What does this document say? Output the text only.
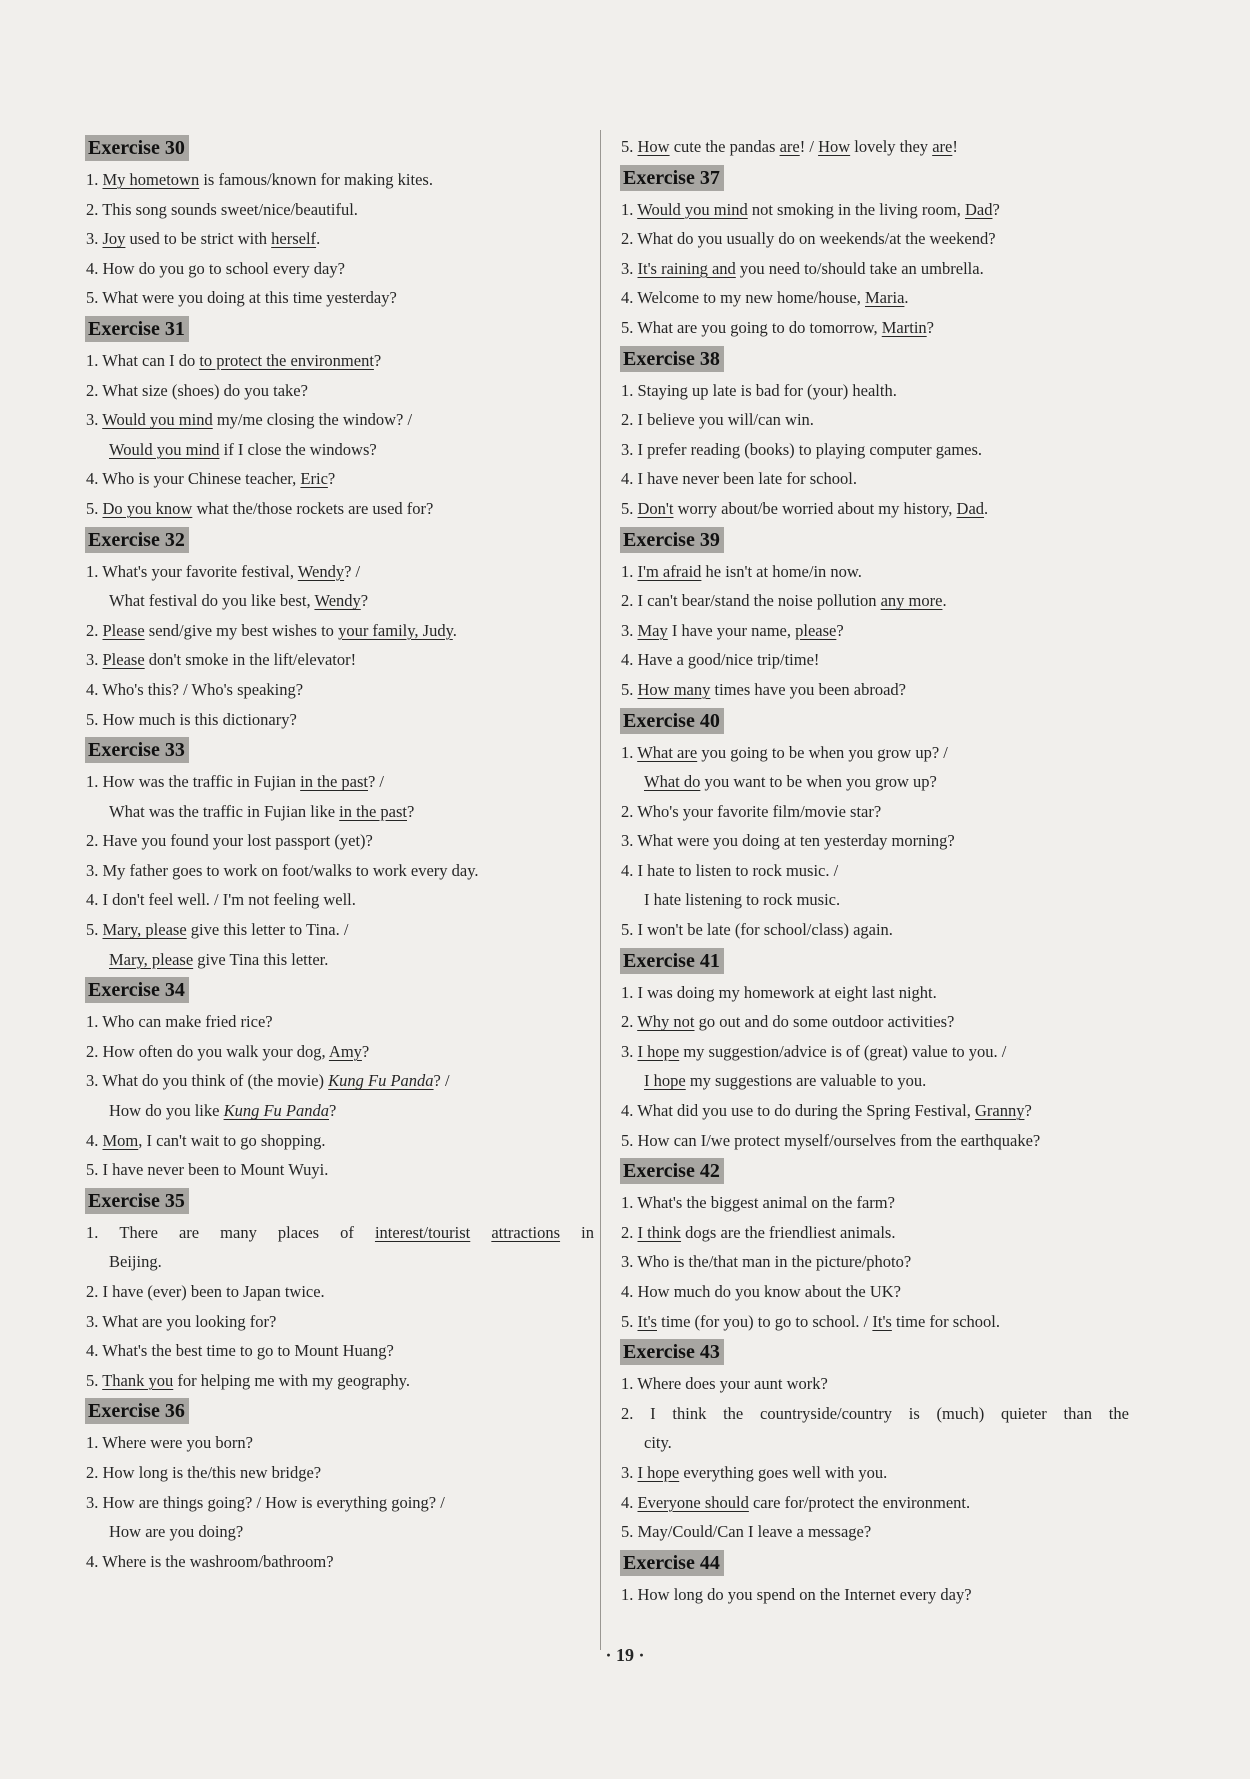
Exercise 30
1. My hometown is famous/known for making kites.
2. This song sounds sweet/nice/beautiful.
3. Joy used to be strict with herself.
4. How do you go to school every day?
5. What were you doing at this time yesterday?
Exercise 31
1. What can I do to protect the environment?
2. What size (shoes) do you take?
3. Would you mind my/me closing the window? /
Would you mind if I close the windows?
4. Who is your Chinese teacher, Eric?
5. Do you know what the/those rockets are used for?
Exercise 32
1. What's your favorite festival, Wendy? /
What festival do you like best, Wendy?
2. Please send/give my best wishes to your family, Judy.
3. Please don't smoke in the lift/elevator!
4. Who's this? / Who's speaking?
5. How much is this dictionary?
Exercise 33
1. How was the traffic in Fujian in the past? /
What was the traffic in Fujian like in the past?
2. Have you found your lost passport (yet)?
3. My father goes to work on foot/walks to work every day.
4. I don't feel well. / I'm not feeling well.
5. Mary, please give this letter to Tina. /
Mary, please give Tina this letter.
Exercise 34
1. Who can make fried rice?
2. How often do you walk your dog, Amy?
3. What do you think of (the movie) Kung Fu Panda? /
How do you like Kung Fu Panda?
4. Mom, I can't wait to go shopping.
5. I have never been to Mount Wuyi.
Exercise 35
1. There are many places of interest/tourist attractions in
Beijing.
2. I have (ever) been to Japan twice.
3. What are you looking for?
4. What's the best time to go to Mount Huang?
5. Thank you for helping me with my geography.
Exercise 36
1. Where were you born?
2. How long is the/this new bridge?
3. How are things going? / How is everything going? /
How are you doing?
4. Where is the washroom/bathroom?
5. How cute the pandas are! / How lovely they are!
Exercise 37
1. Would you mind not smoking in the living room, Dad?
2. What do you usually do on weekends/at the weekend?
3. It's raining and you need to/should take an umbrella.
4. Welcome to my new home/house, Maria.
5. What are you going to do tomorrow, Martin?
Exercise 38
1. Staying up late is bad for (your) health.
2. I believe you will/can win.
3. I prefer reading (books) to playing computer games.
4. I have never been late for school.
5. Don't worry about/be worried about my history, Dad.
Exercise 39
1. I'm afraid he isn't at home/in now.
2. I can't bear/stand the noise pollution any more.
3. May I have your name, please?
4. Have a good/nice trip/time!
5. How many times have you been abroad?
Exercise 40
1. What are you going to be when you grow up? /
What do you want to be when you grow up?
2. Who's your favorite film/movie star?
3. What were you doing at ten yesterday morning?
4. I hate to listen to rock music. /
I hate listening to rock music.
5. I won't be late (for school/class) again.
Exercise 41
1. I was doing my homework at eight last night.
2. Why not go out and do some outdoor activities?
3. I hope my suggestion/advice is of (great) value to you. /
I hope my suggestions are valuable to you.
4. What did you use to do during the Spring Festival, Granny?
5. How can I/we protect myself/ourselves from the earthquake?
Exercise 42
1. What's the biggest animal on the farm?
2. I think dogs are the friendliest animals.
3. Who is the/that man in the picture/photo?
4. How much do you know about the UK?
5. It's time (for you) to go to school. / It's time for school.
Exercise 43
1. Where does your aunt work?
2. I think the countryside/country is (much) quieter than the
city.
3. I hope everything goes well with you.
4. Everyone should care for/protect the environment.
5. May/Could/Can I leave a message?
Exercise 44
1. How long do you spend on the Internet every day?
· 19 ·
